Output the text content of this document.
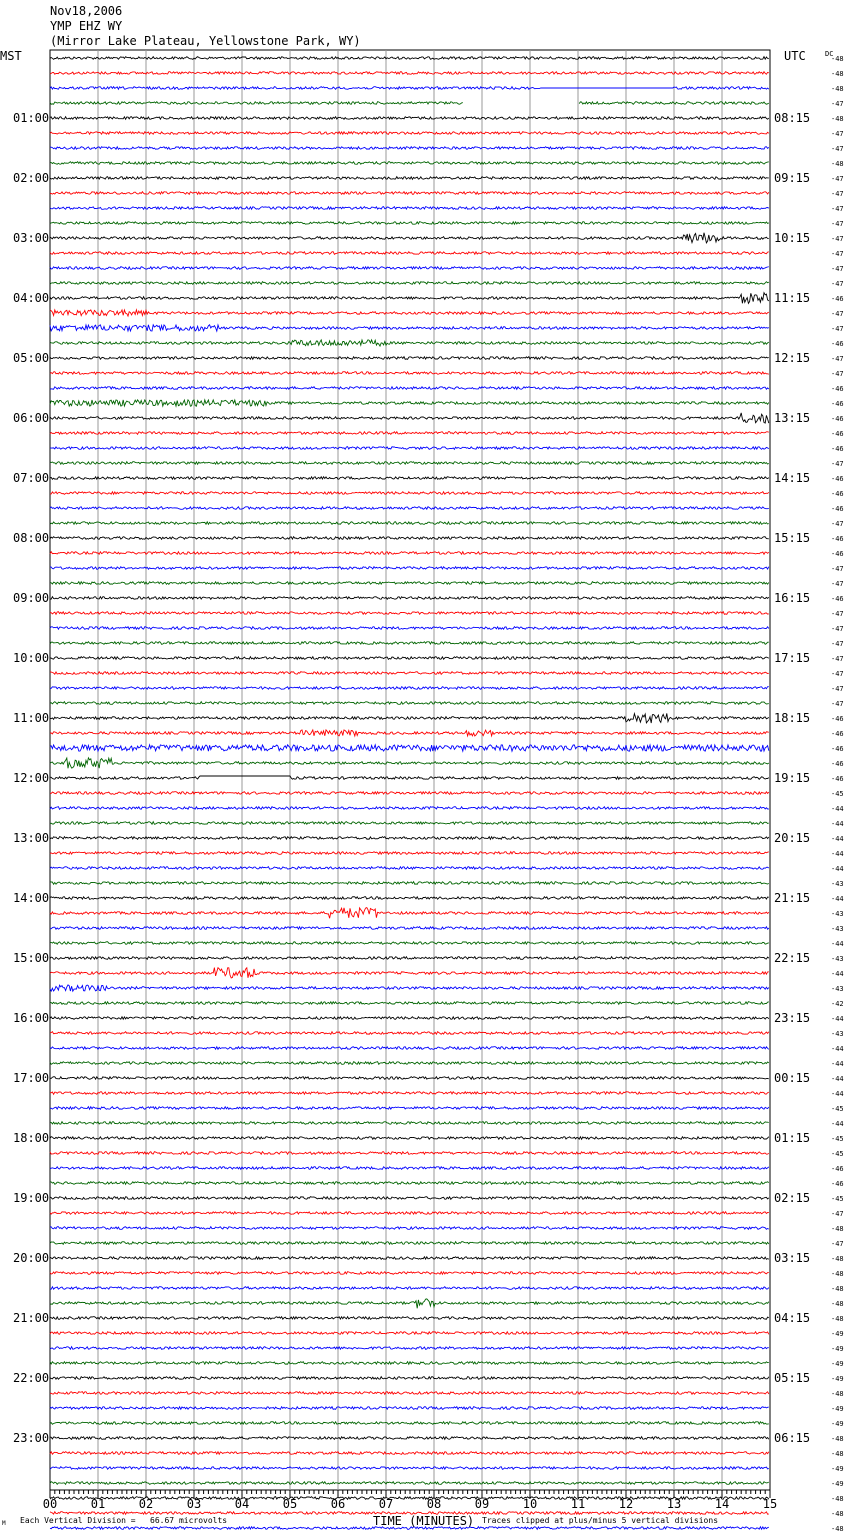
Nov18,2006
YMP EHZ WY
(Mirror Lake Plateau, Yellowstone Park, WY)
00	01	02	03	04	05	06	07	08	09	10	11	12	13	14	15
01:00
02:00
03:00
04:00
05:00
06:00
07:00
08:00
09:00
10:00
11:00
12:00
13:00
14:00
15:00
16:00
17:00
18:00
19:00
20:00
21:00
22:00
23:00
08:15
09:15
10:15
11:15
12:15
13:15
14:15
15:15
16:15
17:15
18:15
19:15
20:15
21:15
22:15
23:15
00:15
01:15
02:15
03:15
04:15
05:15
06:15
-48
-48
-48
-47
-48
-47
-47
-48
-47
-47
-47
-47
-47
-47
-47
-47
-46
-47
-47
-46
-47
-47
-46
-46
-46
-46
-46
-47
-46
-46
-46
-47
-46
-46
-47
-47
-46
-47
-47
-47
-47
-47
-47
-47
-46
-46
-46
-46
-46
-45
-44
-44
-44
-44
-44
-43
-44
-43
-43
-44
-43
-44
-43
-42
-44
-43
-44
-44
-44
-44
-45
-44
-45
-45
-46
-46
-45
-47
-48
-47
-48
-48
-48
-48
-48
-49
-49
-49
-49
-48
-49
-49
-48
-48
-49
-49
-48
-48
-48
MST	UTC	DC
M Each Vertical Division =   66.67 microvolts	TIME (MINUTES) Traces clipped at plus/minus 5 vertical divisions
